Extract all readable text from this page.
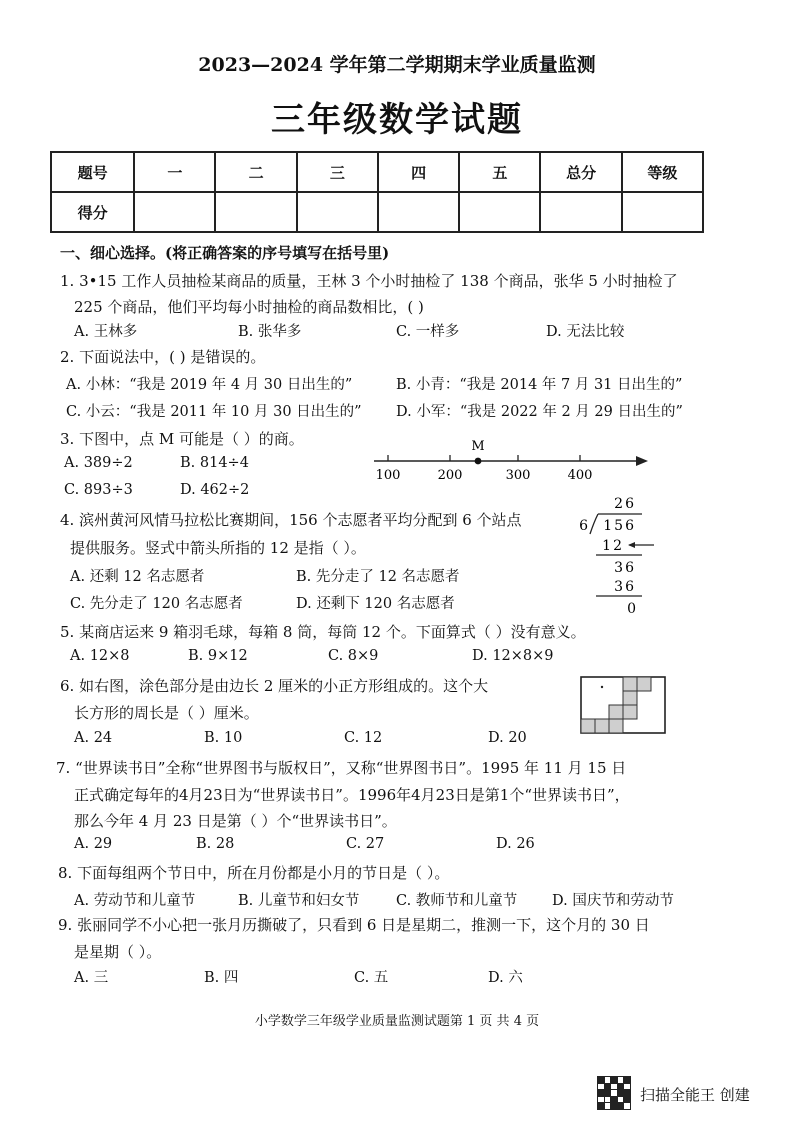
2023—2024 学年第二学期期末学业质量监测
三年级数学试题
题号	一	二	三	四	五	总分	等级
得分							
一、细心选择。(将正确答案的序号填写在括号里)
1. 3•15 工作人员抽检某商品的质量，王林 3 个小时抽检了 138 个商品，张华 5 小时抽检了
225 个商品，他们平均每小时抽检的商品数相比，( )
A. 王林多	B. 张华多	C. 一样多	D. 无法比较
2. 下面说法中，( ) 是错误的。
A. 小林：“我是 2019 年 4 月 30 日出生的”	B. 小青：“我是 2014 年 7 月 31 日出生的”
C. 小云：“我是 2011 年 10 月 30 日出生的” D. 小军：“我是 2022 年 2 月 29 日出生的”
3. 下图中，点 M 可能是（ ）的商。
A. 389÷2	B. 814÷4
C. 893÷3	D. 462÷2
M
100	200	300	400
4. 滨州黄河风情马拉松比赛期间，156 个志愿者平均分配到 6 个站点
提供服务。竖式中箭头所指的 12 是指（ ）。
A. 还剩 12 名志愿者	B. 先分走了 12 名志愿者
C. 先分走了 120 名志愿者	D. 还剩下 120 名志愿者
26
6 156
12
36
36
0
5. 某商店运来 9 箱羽毛球，每箱 8 筒，每筒 12 个。下面算式（ ）没有意义。
A. 12×8	B. 9×12	C. 8×9	D. 12×8×9
6. 如右图，涂色部分是由边长 2 厘米的小正方形组成的。这个大
长方形的周长是（ ）厘米。
A. 24	B. 10	C. 12	D. 20
7. “世界读书日”全称“世界图书与版权日”，又称“世界图书日”。1995 年 11 月 15 日
正式确定每年的4月23日为“世界读书日”。1996年4月23日是第1个“世界读书日”，
那么今年 4 月 23 日是第（ ）个“世界读书日”。
A. 29	B. 28	C. 27	D. 26
8. 下面每组两个节日中，所在月份都是小月的节日是（ ）。
A. 劳动节和儿童节	B. 儿童节和妇女节	C. 教师节和儿童节 D. 国庆节和劳动节
9. 张丽同学不小心把一张月历撕破了，只看到 6 日是星期二，推测一下，这个月的 30 日
是星期（ ）。
A. 三	B. 四	C. 五	D. 六
小学数学三年级学业质量监测试题第 1 页 共 4 页
扫描全能王 创建
